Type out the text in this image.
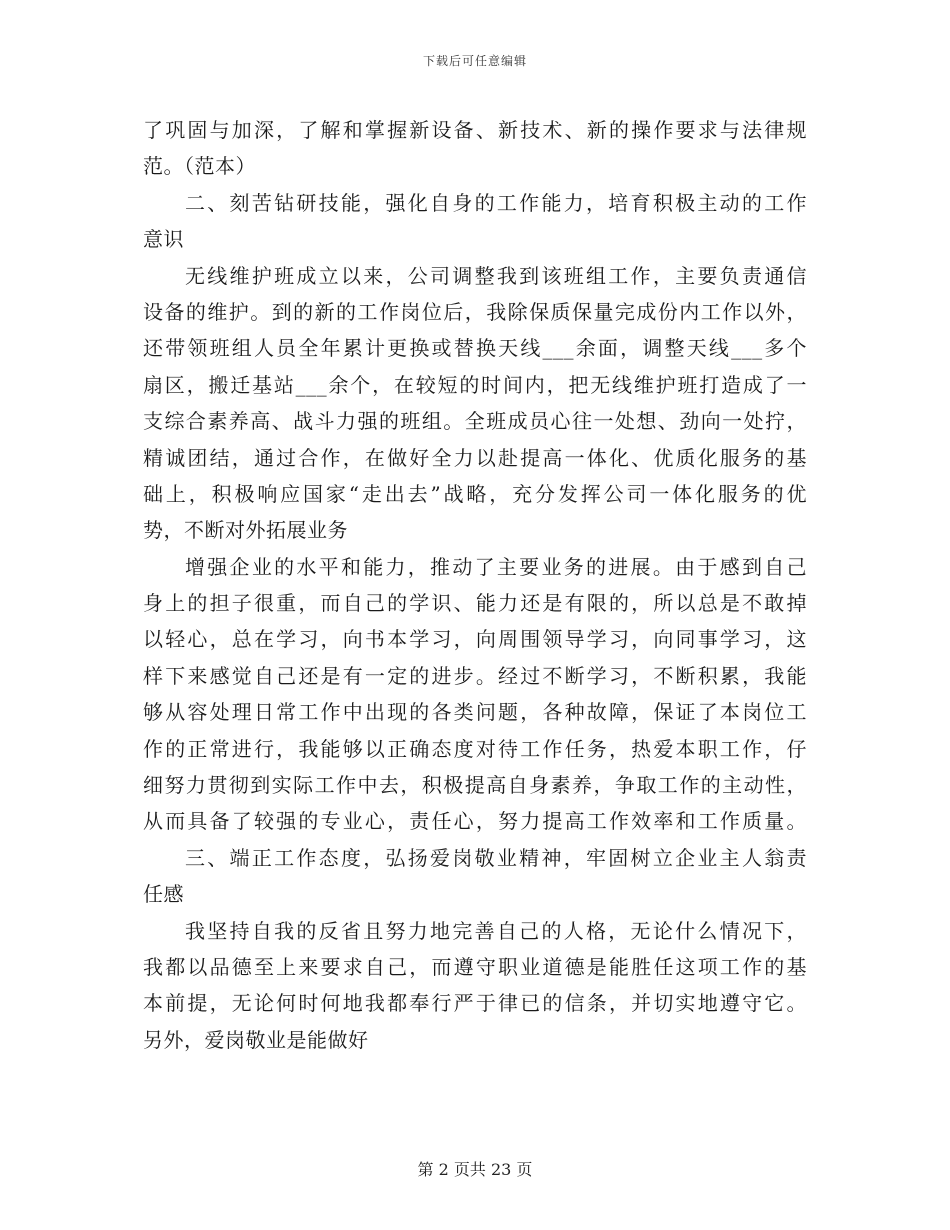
下载后可任意编辑
了巩固与加深，了解和掌握新设备、新技术、新的操作要求与法律规
范。（范本）
二、刻苦钻研技能，强化自身的工作能力，培育积极主动的工作
意识
无线维护班成立以来，公司调整我到该班组工作，主要负责通信
设备的维护。到的新的工作岗位后，我除保质保量完成份内工作以外，
还带领班组人员全年累计更换或替换天线___余面，调整天线___多个
扇区，搬迁基站___余个，在较短的时间内，把无线维护班打造成了一
支综合素养高、战斗力强的班组。全班成员心往一处想、劲向一处拧，
精诚团结，通过合作，在做好全力以赴提高一体化、优质化服务的基
础上，积极响应国家“走出去”战略，充分发挥公司一体化服务的优
势，不断对外拓展业务
增强企业的水平和能力，推动了主要业务的进展。由于感到自己
身上的担子很重，而自己的学识、能力还是有限的，所以总是不敢掉
以轻心，总在学习，向书本学习，向周围领导学习，向同事学习，这
样下来感觉自己还是有一定的进步。经过不断学习，不断积累，我能
够从容处理日常工作中出现的各类问题，各种故障，保证了本岗位工
作的正常进行，我能够以正确态度对待工作任务，热爱本职工作，仔
细努力贯彻到实际工作中去，积极提高自身素养，争取工作的主动性，
从而具备了较强的专业心，责任心，努力提高工作效率和工作质量。
三、端正工作态度，弘扬爱岗敬业精神，牢固树立企业主人翁责
任感
我坚持自我的反省且努力地完善自己的人格，无论什么情况下，
我都以品德至上来要求自己，而遵守职业道德是能胜任这项工作的基
本前提，无论何时何地我都奉行严于律已的信条，并切实地遵守它。
另外，爱岗敬业是能做好
第 2 页共 23 页
